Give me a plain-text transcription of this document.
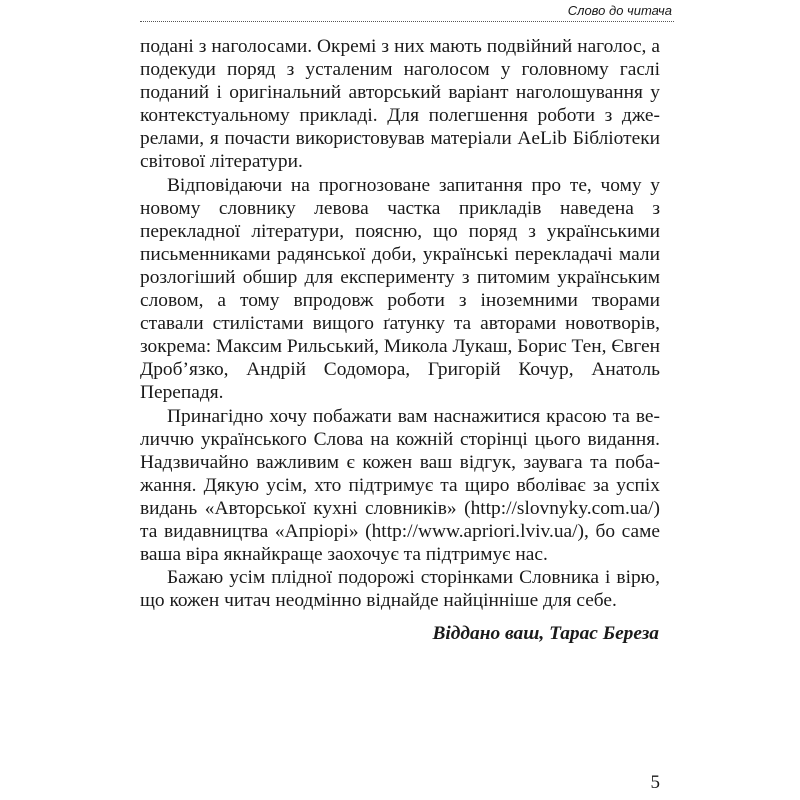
Слово до читача

подані з наголосами. Окремі з них мають подвійний наголос, а подекуди поряд з усталеним наголосом у головному гаслі поданий і оригінальний авторський варіант наголошування у контекстуальному прикладі. Для полегшення роботи з джерелами, я почасти використовував матеріали AeLib Бібліотеки світової літератури.

Відповідаючи на прогнозоване запитання про те, чому у новому словнику левова частка прикладів наведена з перекладної літератури, поясню, що поряд з українськими письменниками радянської доби, українські перекладачі мали розлогіший обшир для експерименту з питомим українським словом, а тому впродовж роботи з іноземними творами ставали стилістами вищого ґатунку та авторами новотворів, зокрема: Максим Рильський, Микола Лукаш, Борис Тен, Євген Дроб’язко, Андрій Содомора, Григорій Кочур, Анатоль Перепадя.

Принагідно хочу побажати вам наснажитися красою та величчю українського Слова на кожній сторінці цього видання. Надзвичайно важливим є кожен ваш відгук, заувага та побажання. Дякую усім, хто підтримує та щиро вболіває за успіх видань «Авторської кухні словників» (http://slovnyky.com.ua/) та видавництва «Апріорі» (http://www.apriori.lviv.ua/), бо саме ваша віра якнайкраще заохочує та підтримує нас.

Бажаю усім плідної подорожі сторінками Словника і вірю, що кожен читач неодмінно віднайде найцінніше для себе.

Віддано ваш, Тарас Береза
5
